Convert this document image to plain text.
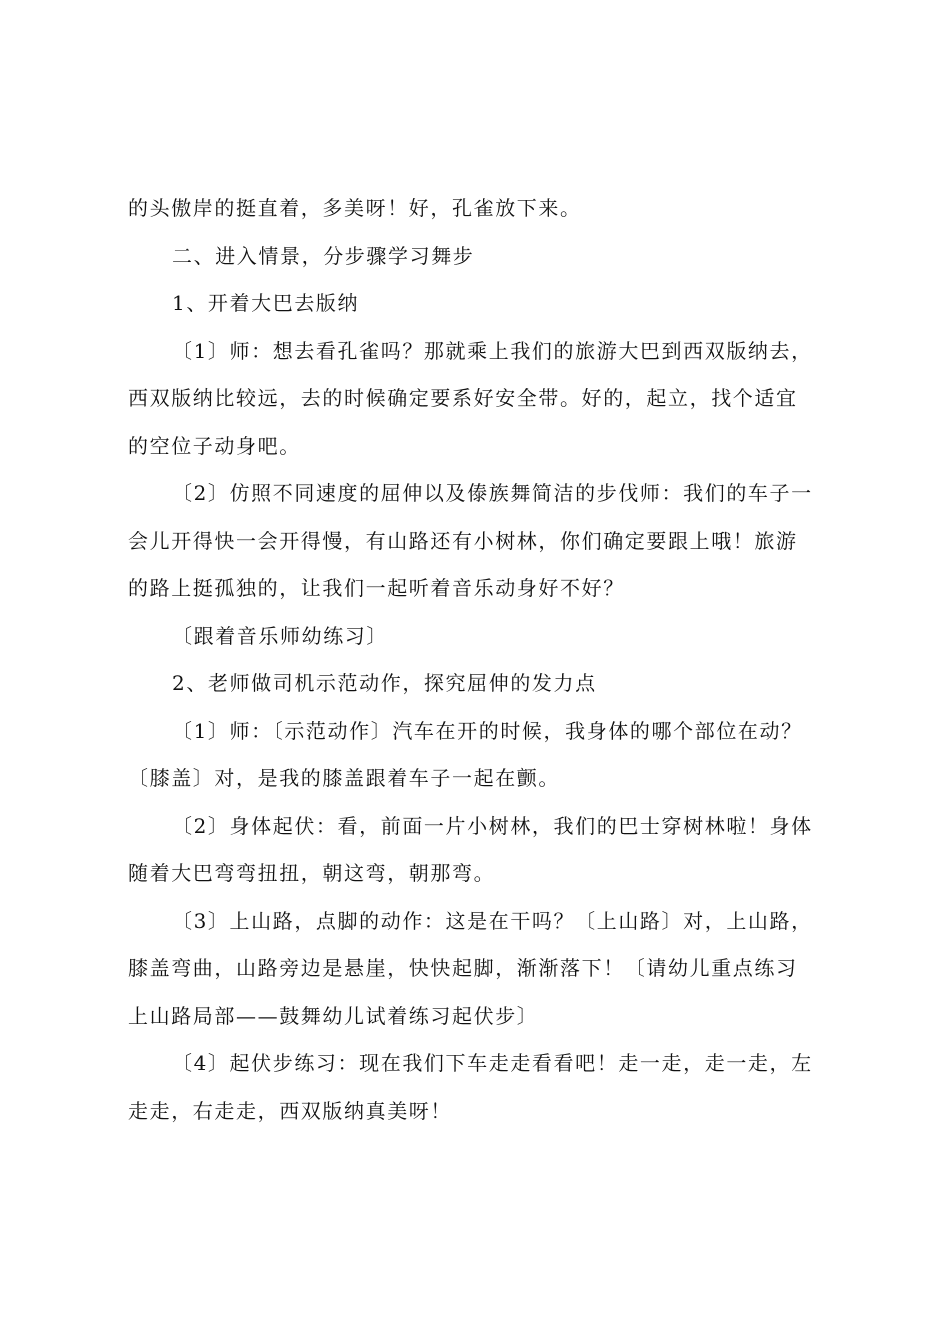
的头傲岸的挺直着，多美呀！好，孔雀放下来。
二、进入情景，分步骤学习舞步
1、开着大巴去版纳
〔1〕师：想去看孔雀吗？那就乘上我们的旅游大巴到西双版纳去，
西双版纳比较远，去的时候确定要系好安全带。好的，起立，找个适宜
的空位子动身吧。
〔2〕仿照不同速度的屈伸以及傣族舞简洁的步伐师：我们的车子一
会儿开得快一会开得慢，有山路还有小树林，你们确定要跟上哦！旅游
的路上挺孤独的，让我们一起听着音乐动身好不好？
〔跟着音乐师幼练习〕
2、老师做司机示范动作，探究屈伸的发力点
〔1〕师：〔示范动作〕汽车在开的时候，我身体的哪个部位在动？
〔膝盖〕对，是我的膝盖跟着车子一起在颤。
〔2〕身体起伏：看，前面一片小树林，我们的巴士穿树林啦！身体
随着大巴弯弯扭扭，朝这弯，朝那弯。
〔3〕上山路，点脚的动作：这是在干吗？〔上山路〕对，上山路，
膝盖弯曲，山路旁边是悬崖，快快起脚，渐渐落下！〔请幼儿重点练习
上山路局部——鼓舞幼儿试着练习起伏步〕
〔4〕起伏步练习：现在我们下车走走看看吧！走一走，走一走，左
走走，右走走，西双版纳真美呀！
